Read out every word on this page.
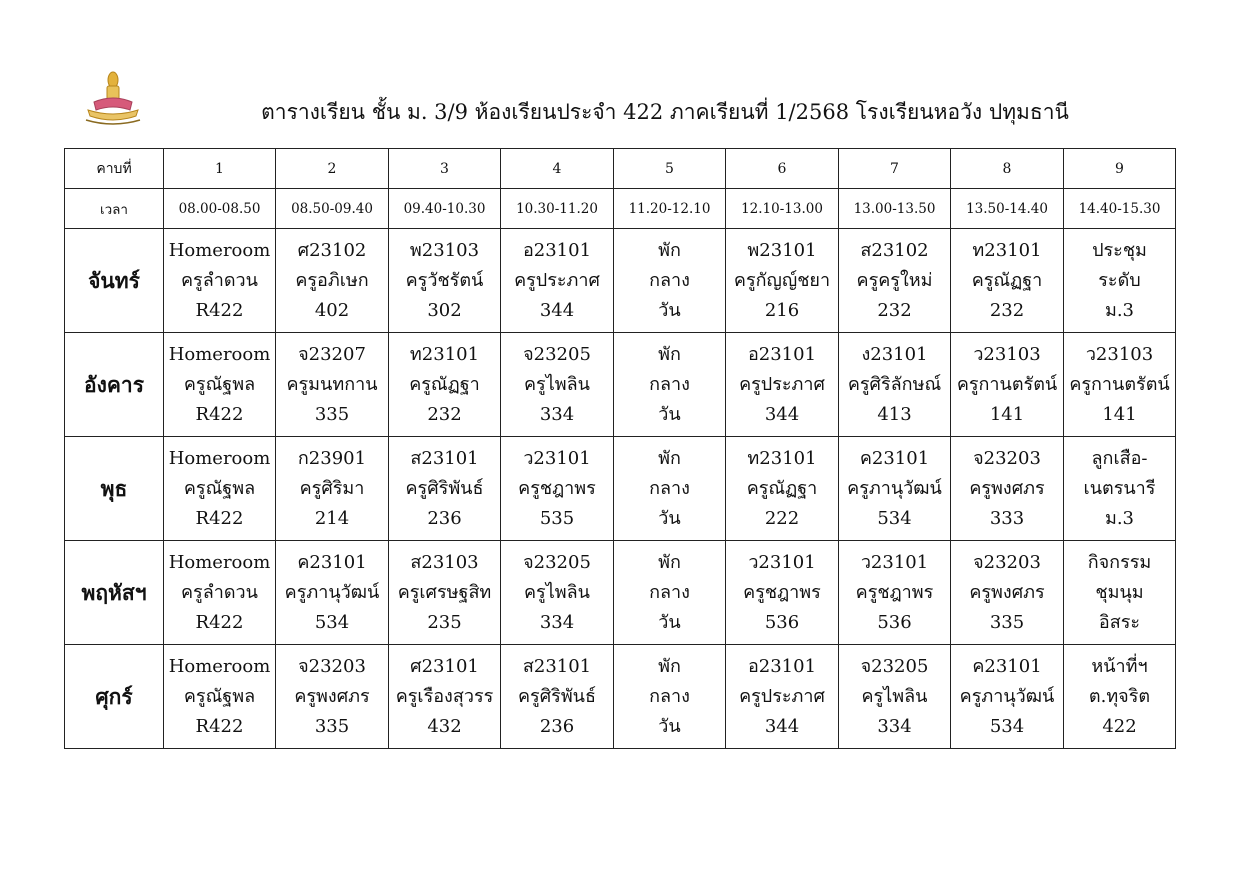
ตารางเรียน ชั้น ม. 3/9 ห้องเรียนประจำ 422 ภาคเรียนที่ 1/2568 โรงเรียนหอวัง ปทุมธานี
คาบที่	1	2	3	4	5	6	7	8	9
เวลา	08.00-08.50	08.50-09.40	09.40-10.30	10.30-11.20	11.20-12.10	12.10-13.00	13.00-13.50	13.50-14.40	14.40-15.30
จันทร์	Homeroom
ครูลำดวน
R422	ศ23102
ครูอภิเษก
402	พ23103
ครูวัชรัตน์
302	อ23101
ครูประภาศ
344	พัก
กลาง
วัน	พ23101
ครูกัญญ์ชยา
216	ส23102
ครูครูใหม่
232	ท23101
ครูณัฏฐา
232	ประชุม
ระดับ
ม.3

อังคาร	Homeroom
ครูณัฐพล
R422	จ23207
ครูมนทกาน
335	ท23101
ครูณัฏฐา
232	จ23205
ครูไพลิน
334	พัก
กลาง
วัน	อ23101
ครูประภาศ
344	ง23101
ครูศิริลักษณ์
413	ว23103
ครูกานตรัตน์
141	ว23103
ครูกานตรัตน์
141

พุธ	Homeroom
ครูณัฐพล
R422	ก23901
ครูศิริมา
214	ส23101
ครูศิริพันธ์
236	ว23101
ครูชฎาพร
535	พัก
กลาง
วัน	ท23101
ครูณัฏฐา
222	ค23101
ครูภานุวัฒน์
534	จ23203
ครูพงศภร
333	ลูกเสือ-
เนตรนารี
ม.3

พฤหัสฯ	Homeroom
ครูลำดวน
R422	ค23101
ครูภานุวัฒน์
534	ส23103
ครูเศรษฐสิท
235	จ23205
ครูไพลิน
334	พัก
กลาง
วัน	ว23101
ครูชฎาพร
536	ว23101
ครูชฎาพร
536	จ23203
ครูพงศภร
335	กิจกรรม
ชุมนุม
อิสระ

ศุกร์	Homeroom
ครูณัฐพล
R422	จ23203
ครูพงศภร
335	ศ23101
ครูเรืองสุวรร
432	ส23101
ครูศิริพันธ์
236	พัก
กลาง
วัน	อ23101
ครูประภาศ
344	จ23205
ครูไพลิน
334	ค23101
ครูภานุวัฒน์
534	หน้าที่ฯ
ต.ทุจริต
422
